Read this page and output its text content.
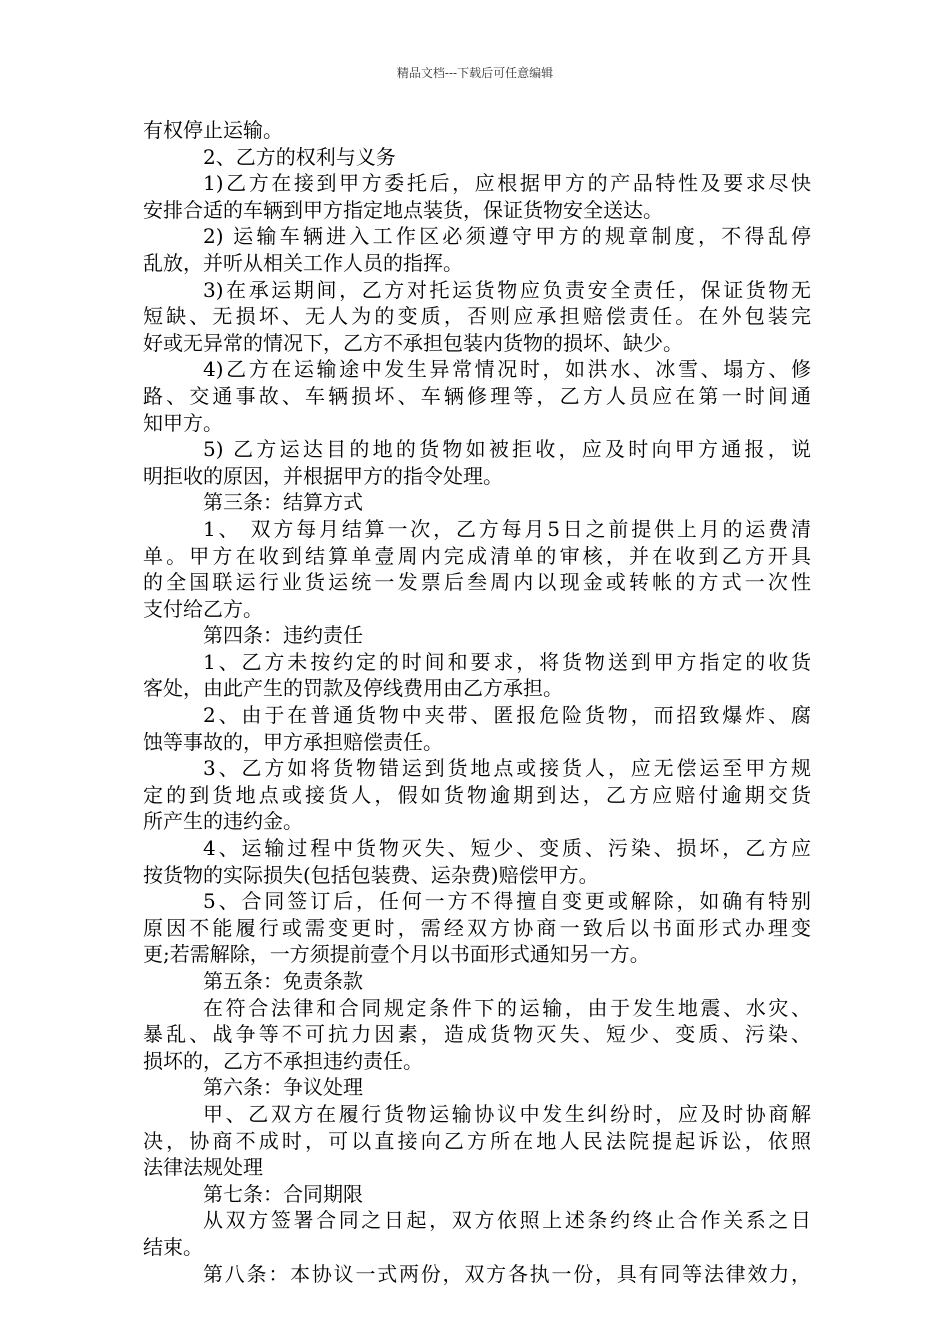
精品文档---下载后可任意编辑
有权停止运输。
2、乙方的权利与义务
1)乙方在接到甲方委托后，应根据甲方的产品特性及要求尽快
安排合适的车辆到甲方指定地点装货，保证货物安全送达。
2) 运输车辆进入工作区必须遵守甲方的规章制度，不得乱停
乱放，并听从相关工作人员的指挥。
3)在承运期间，乙方对托运货物应负责安全责任，保证货物无
短缺、无损坏、无人为的变质，否则应承担赔偿责任。在外包装完
好或无异常的情况下，乙方不承担包装内货物的损坏、缺少。
4)乙方在运输途中发生异常情况时，如洪水、冰雪、塌方、修
路、交通事故、车辆损坏、车辆修理等，乙方人员应在第一时间通
知甲方。
5) 乙方运达目的地的货物如被拒收，应及时向甲方通报，说
明拒收的原因，并根据甲方的指令处理。
第三条：结算方式
1、 双方每月结算一次，乙方每月5日之前提供上月的运费清
单。甲方在收到结算单壹周内完成清单的审核，并在收到乙方开具
的全国联运行业货运统一发票后叁周内以现金或转帐的方式一次性
支付给乙方。
第四条：违约责任
1、乙方未按约定的时间和要求，将货物送到甲方指定的收货
客处，由此产生的罚款及停线费用由乙方承担。
2、由于在普通货物中夹带、匿报危险货物，而招致爆炸、腐
蚀等事故的，甲方承担赔偿责任。
3、乙方如将货物错运到货地点或接货人，应无偿运至甲方规
定的到货地点或接货人，假如货物逾期到达，乙方应赔付逾期交货
所产生的违约金。
4、运输过程中货物灭失、短少、变质、污染、损坏，乙方应
按货物的实际损失(包括包装费、运杂费)赔偿甲方。
5、合同签订后，任何一方不得擅自变更或解除，如确有特别
原因不能履行或需变更时，需经双方协商一致后以书面形式办理变
更;若需解除，一方须提前壹个月以书面形式通知另一方。
第五条：免责条款
在符合法律和合同规定条件下的运输，由于发生地震、水灾、
暴乱、战争等不可抗力因素，造成货物灭失、短少、变质、污染、
损坏的，乙方不承担违约责任。
第六条：争议处理
甲、乙双方在履行货物运输协议中发生纠纷时，应及时协商解
决，协商不成时，可以直接向乙方所在地人民法院提起诉讼，依照
法律法规处理
第七条：合同期限
从双方签署合同之日起，双方依照上述条约终止合作关系之日
结束。
第八条：本协议一式两份，双方各执一份，具有同等法律效力，
